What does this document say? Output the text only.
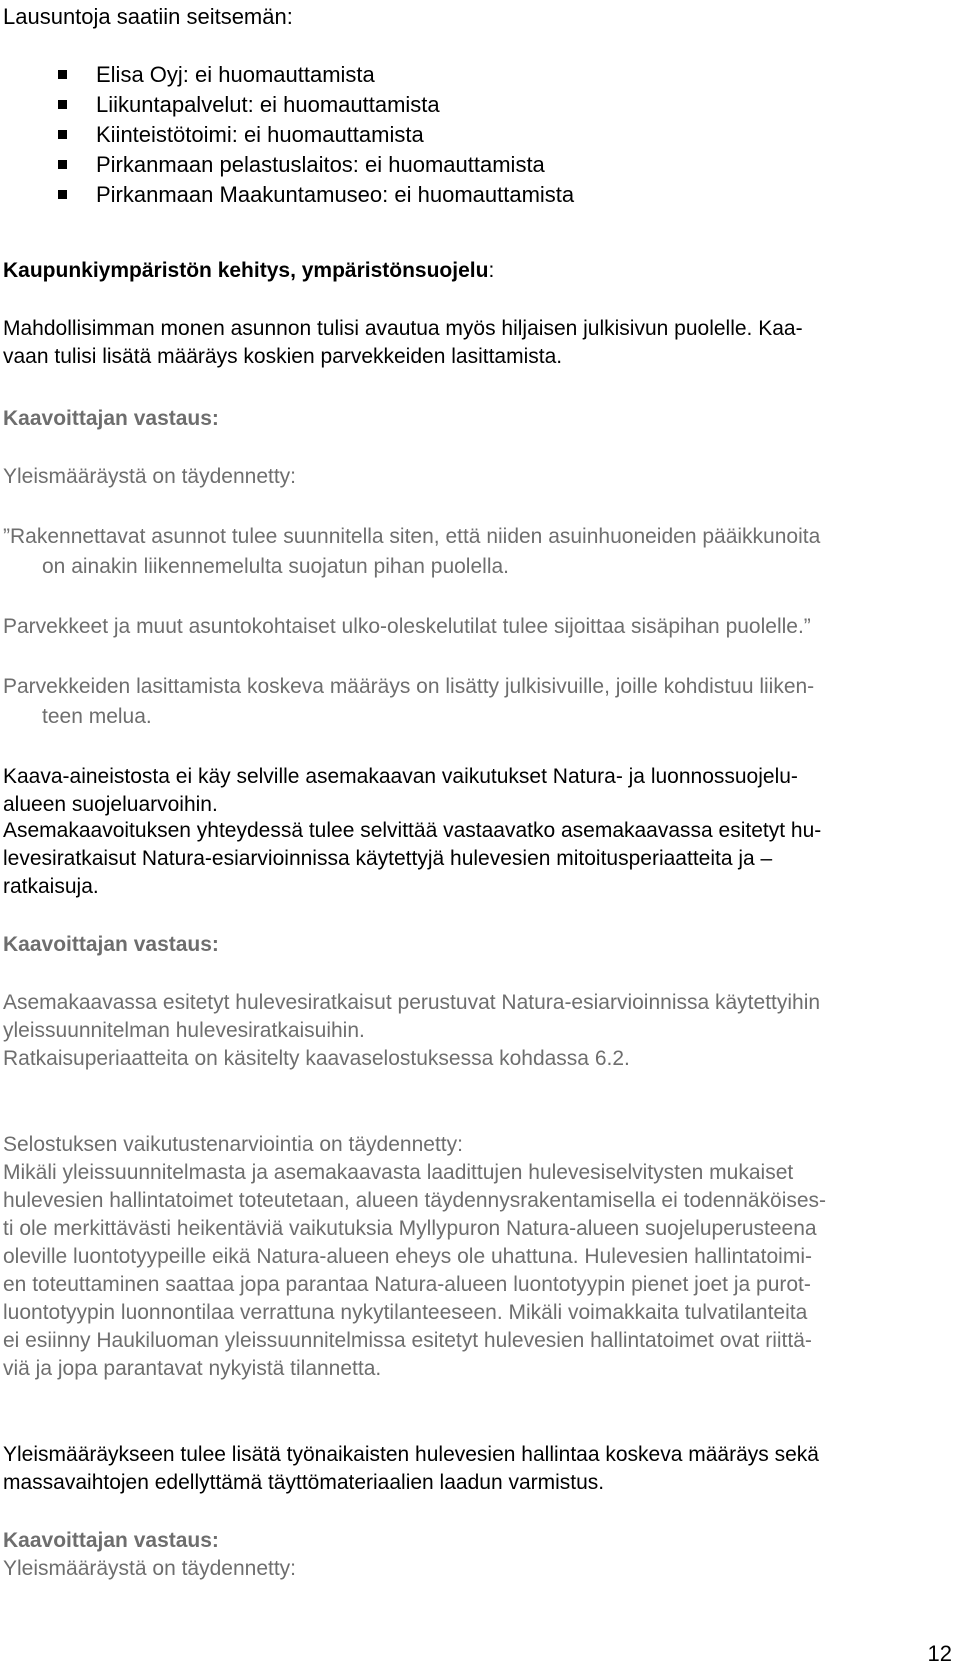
Lausuntoja saatiin seitsemän:

Elisa Oyj: ei huomauttamista
Liikuntapalvelut: ei huomauttamista
Kiinteistötoimi: ei huomauttamista
Pirkanmaan pelastuslaitos: ei huomauttamista
Pirkanmaan Maakuntamuseo: ei huomauttamista

Kaupunkiympäristön kehitys, ympäristönsuojelu:

Mahdollisimman monen asunnon tulisi avautua myös hiljaisen julkisivun puolelle. Kaa-

vaan tulisi lisätä määräys koskien parvekkeiden lasittamista.

Kaavoittajan vastaus:

Yleismääräystä on täydennetty:

”Rakennettavat asunnot tulee suunnitella siten, että niiden asuinhuoneiden pääikkunoita

on ainakin liikennemelulta suojatun pihan puolella.

Parvekkeet ja muut asuntokohtaiset ulko-oleskelutilat tulee sijoittaa sisäpihan puolelle.”

Parvekkeiden lasittamista koskeva määräys on lisätty julkisivuille, joille kohdistuu liiken-

teen melua.

Kaava-aineistosta ei käy selville asemakaavan vaikutukset Natura- ja luonnossuojelu-

alueen suojeluarvoihin.

Asemakaavoituksen yhteydessä tulee selvittää vastaavatko asemakaavassa esitetyt hu-

levesiratkaisut Natura-esiarvioinnissa käytettyjä hulevesien mitoitusperiaatteita ja –

ratkaisuja.

Kaavoittajan vastaus:

Asemakaavassa esitetyt hulevesiratkaisut perustuvat Natura-esiarvioinnissa käytettyihin

yleissuunnitelman hulevesiratkaisuihin.

Ratkaisuperiaatteita on käsitelty kaavaselostuksessa kohdassa 6.2.

Selostuksen vaikutustenarviointia on täydennetty:

Mikäli yleissuunnitelmasta ja asemakaavasta laadittujen hulevesiselvitysten mukaiset

hulevesien hallintatoimet toteutetaan, alueen täydennysrakentamisella ei todennäköises-

ti ole merkittävästi heikentäviä vaikutuksia Myllypuron Natura-alueen suojeluperusteena

oleville luontotyypeille eikä Natura-alueen eheys ole uhattuna. Hulevesien hallintatoimi-

en toteuttaminen saattaa jopa parantaa Natura-alueen luontotyypin pienet joet ja purot-

luontotyypin luonnontilaa verrattuna nykytilanteeseen. Mikäli voimakkaita tulvatilanteita

ei esiinny Haukiluoman yleissuunnitelmissa esitetyt hulevesien hallintatoimet ovat riittä-

viä ja jopa parantavat nykyistä tilannetta.

Yleismääräykseen tulee lisätä työnaikaisten hulevesien hallintaa koskeva määräys sekä

massavaihtojen edellyttämä täyttömateriaalien laadun varmistus.

Kaavoittajan vastaus:

Yleismääräystä on täydennetty:

12
